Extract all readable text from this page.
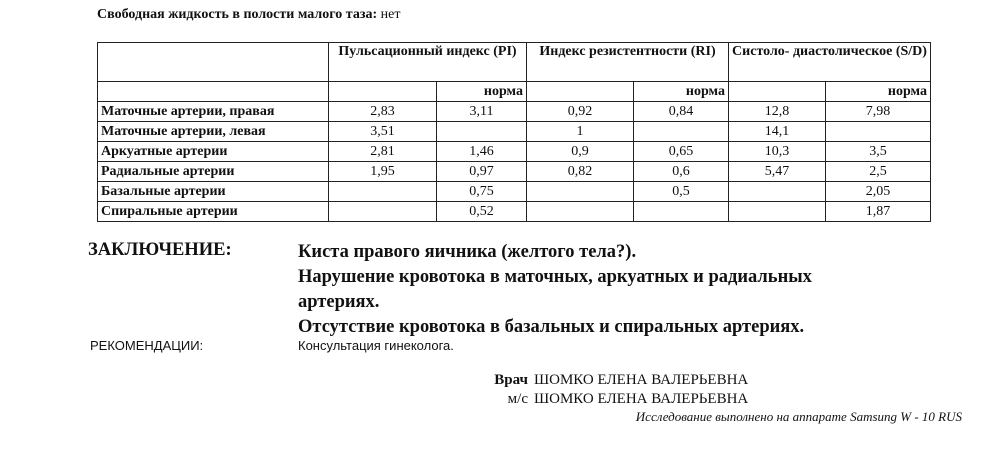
Свободная жидкость в полости малого таза: нет
	Пульсационный индекс (PI)		Индекс резистентности (RI)		Систоло- диастолическое (S/D)	
		норма		норма		норма
Маточные артерии, правая	2,83	3,11	0,92	0,84	12,8	7,98
Маточные артерии, левая	3,51		1		14,1	
Аркуатные артерии	2,81	1,46	0,9	0,65	10,3	3,5
Радиальные артерии	1,95	0,97	0,82	0,6	5,47	2,5
Базальные артерии		0,75		0,5		2,05
Спиральные артерии		0,52				1,87
ЗАКЛЮЧЕНИЕ:	Киста правого яичника (желтого тела?).
Нарушение кровотока в маточных, аркуатных и радиальных артериях.
Отсутствие кровотока в базальных и спиральных артериях.
РЕКОМЕНДАЦИИ:	Консультация гинеколога.
Врач ШОМКО ЕЛЕНА ВАЛЕРЬЕВНА
м/с ШОМКО ЕЛЕНА ВАЛЕРЬЕВНА
Исследование выполнено на аппарате Samsung W - 10 RUS
